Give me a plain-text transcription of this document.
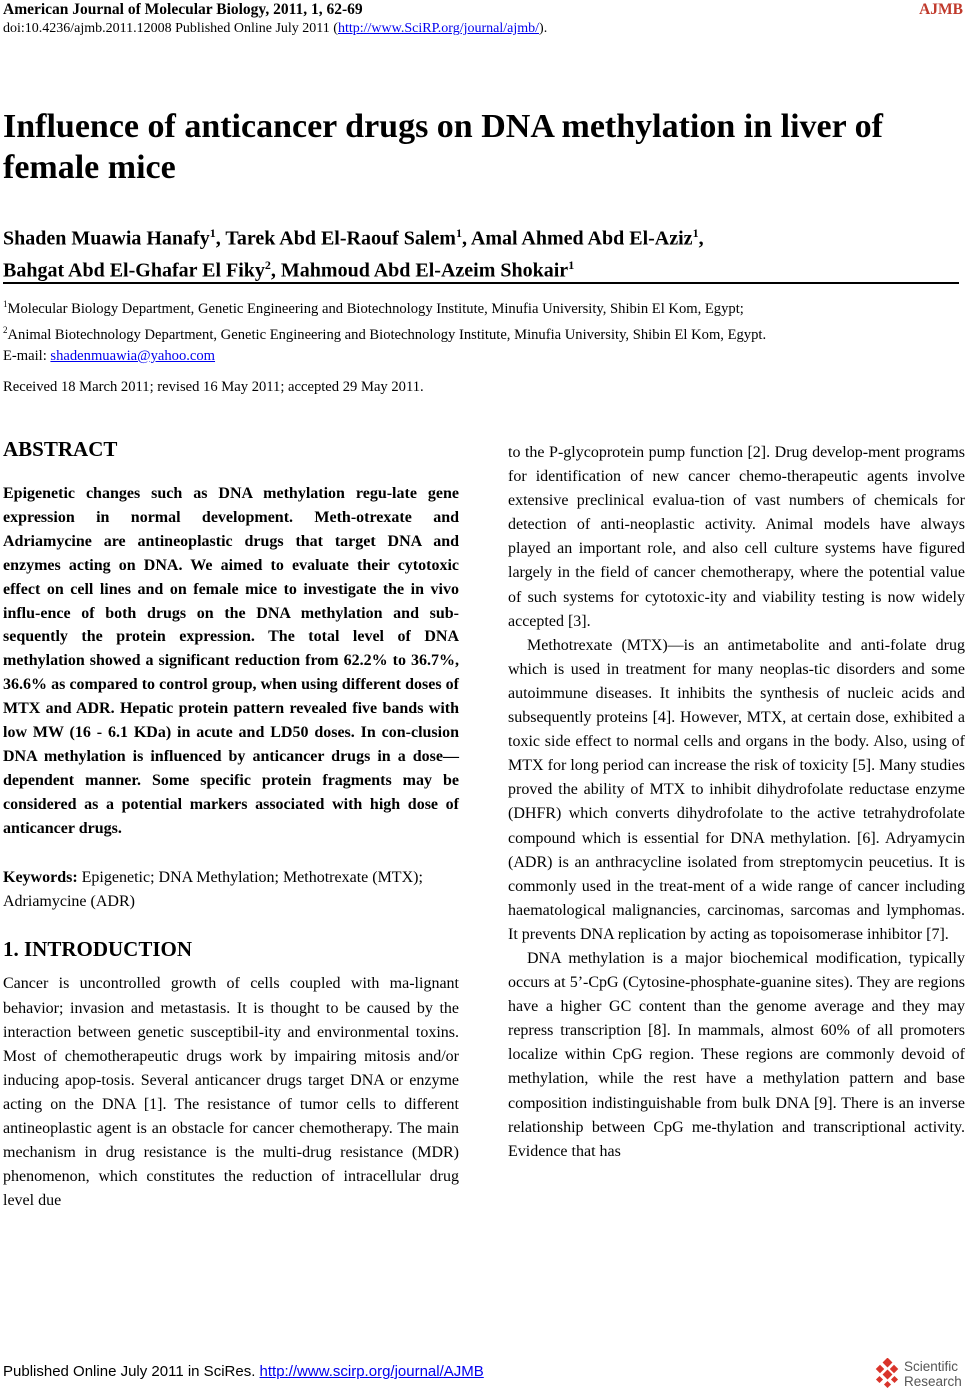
American Journal of Molecular Biology, 2011, 1, 62-69	AJMB
doi:10.4236/ajmb.2011.12008 Published Online July 2011 (http://www.SciRP.org/journal/ajmb/).
Influence of anticancer drugs on DNA methylation in liver of female mice
Shaden Muawia Hanafy$^1$, Tarek Abd El-Raouf Salem$^1$, Amal Ahmed Abd El-Aziz$^1$,
Bahgat Abd El-Ghafar El Fiky$^2$, Mahmoud Abd El-Azeim Shokair$^1$
$^1$Molecular Biology Department, Genetic Engineering and Biotechnology Institute, Minufia University, Shibin El Kom, Egypt;
$^2$Animal Biotechnology Department, Genetic Engineering and Biotechnology Institute, Minufia University, Shibin El Kom, Egypt.
E-mail: shadenmuawia@yahoo.com
Received 18 March 2011; revised 16 May 2011; accepted 29 May 2011.
ABSTRACT

Epigenetic changes such as DNA methylation regu-late gene expression in normal development. Meth-otrexate and Adriamycine are antineoplastic drugs that target DNA and enzymes acting on DNA. We aimed to evaluate their cytotoxic effect on cell lines and on female mice to investigate the in vivo influ-ence of both drugs on the DNA methylation and sub-sequently the protein expression. The total level of DNA methylation showed a significant reduction from 62.2% to 36.7%, 36.6% as compared to control group, when using different doses of MTX and ADR. Hepatic protein pattern revealed five bands with low MW (16 - 6.1 KDa) in acute and LD50 doses. In con-clusion DNA methylation is influenced by anticancer drugs in a dose—dependent manner. Some specific protein fragments may be considered as a potential markers associated with high dose of anticancer drugs.

Keywords: Epigenetic; DNA Methylation; Methotrexate (MTX); Adriamycine (ADR)

1. INTRODUCTION

Cancer is uncontrolled growth of cells coupled with ma-lignant behavior; invasion and metastasis. It is thought to be caused by the interaction between genetic susceptibil-ity and environmental toxins. Most of chemotherapeutic drugs work by impairing mitosis and/or inducing apop-tosis. Several anticancer drugs target DNA or enzyme acting on the DNA [1]. The resistance of tumor cells to different antineoplastic agent is an obstacle for cancer chemotherapy. The main mechanism in drug resistance is the multi-drug resistance (MDR) phenomenon, which constitutes the reduction of intracellular drug level due

to the P-glycoprotein pump function [2]. Drug develop-ment programs for identification of new cancer chemo-therapeutic agents involve extensive preclinical evalua-tion of vast numbers of chemicals for detection of anti-neoplastic activity. Animal models have always played an important role, and also cell culture systems have figured largely in the field of cancer chemotherapy, where the potential value of such systems for cytotoxic-ity and viability testing is now widely accepted [3].

Methotrexate (MTX)—is an antimetabolite and anti-folate drug which is used in treatment for many neoplas-tic disorders and some autoimmune diseases. It inhibits the synthesis of nucleic acids and subsequently proteins [4]. However, MTX, at certain dose, exhibited a toxic side effect to normal cells and organs in the body. Also, using of MTX for long period can increase the risk of toxicity [5]. Many studies proved the ability of MTX to inhibit dihydrofolate reductase enzyme (DHFR) which converts dihydrofolate to the active tetrahydrofolate compound which is essential for DNA methylation. [6]. Adryamycin (ADR) is an anthracycline isolated from streptomycin peucetius. It is commonly used in the treat-ment of a wide range of cancer including haematological malignancies, carcinomas, sarcomas and lymphomas. It prevents DNA replication by acting as topoisomerase inhibitor [7].

DNA methylation is a major biochemical modification, typically occurs at 5’-CpG (Cytosine-phosphate-guanine sites). They are regions have a higher GC content than the genome average and they may repress transcription [8]. In mammals, almost 60% of all promoters localize within CpG region. These regions are commonly devoid of methylation, while the rest have a methylation pattern and base composition indistinguishable from bulk DNA [9]. There is an inverse relationship between CpG me-thylation and transcriptional activity. Evidence that has

Published Online July 2011 in SciRes. http://www.scirp.org/journal/AJMB	Scientific
Research
